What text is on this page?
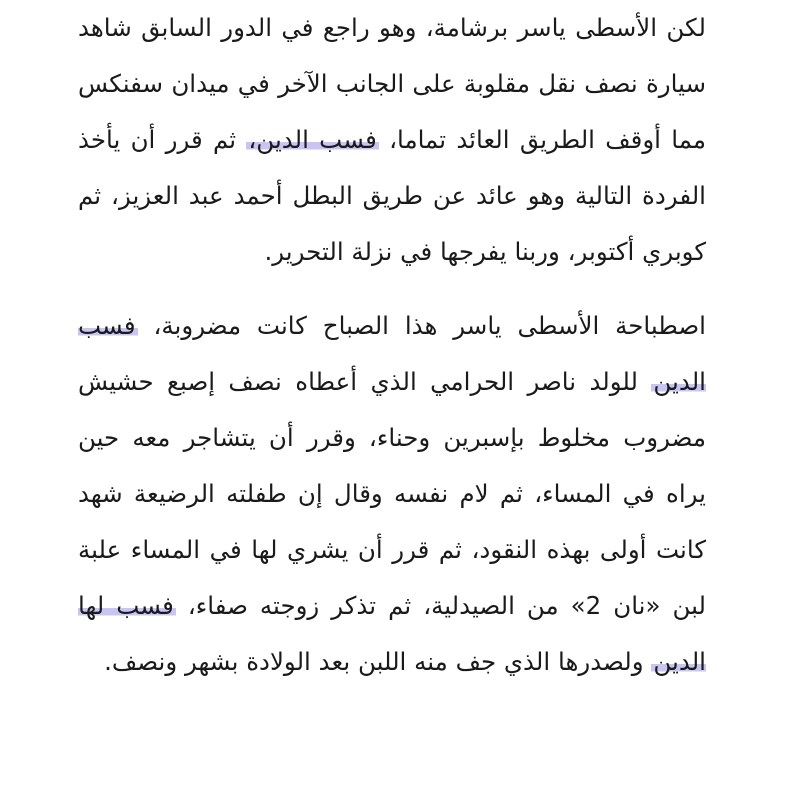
لكن الأسطى ياسر برشامة، وهو راجع في الدور السابق شاهد سيارة نصف نقل مقلوبة على الجانب الآخر في ميدان سفنكس مما أوقف الطريق العائد تماما، فسب الدين، ثم قرر أن يأخذ الفردة التالية وهو عائد عن طريق البطل أحمد عبد العزيز، ثم كوبري أكتوبر، وربنا يفرجها في نزلة التحرير.

اصطباحة الأسطى ياسر هذا الصباح كانت مضروبة، فسب الدين للولد ناصر الحرامي الذي أعطاه نصف إصبع حشيش مضروب مخلوط بإسبرين وحناء، وقرر أن يتشاجر معه حين يراه في المساء، ثم لام نفسه وقال إن طفلته الرضيعة شهد كانت أولى بهذه النقود، ثم قرر أن يشري لها في المساء علبة لبن «نان 2» من الصيدلية، ثم تذكر زوجته صفاء، فسب لها الدين ولصدرها الذي جف منه اللبن بعد الولادة بشهر ونصف.
